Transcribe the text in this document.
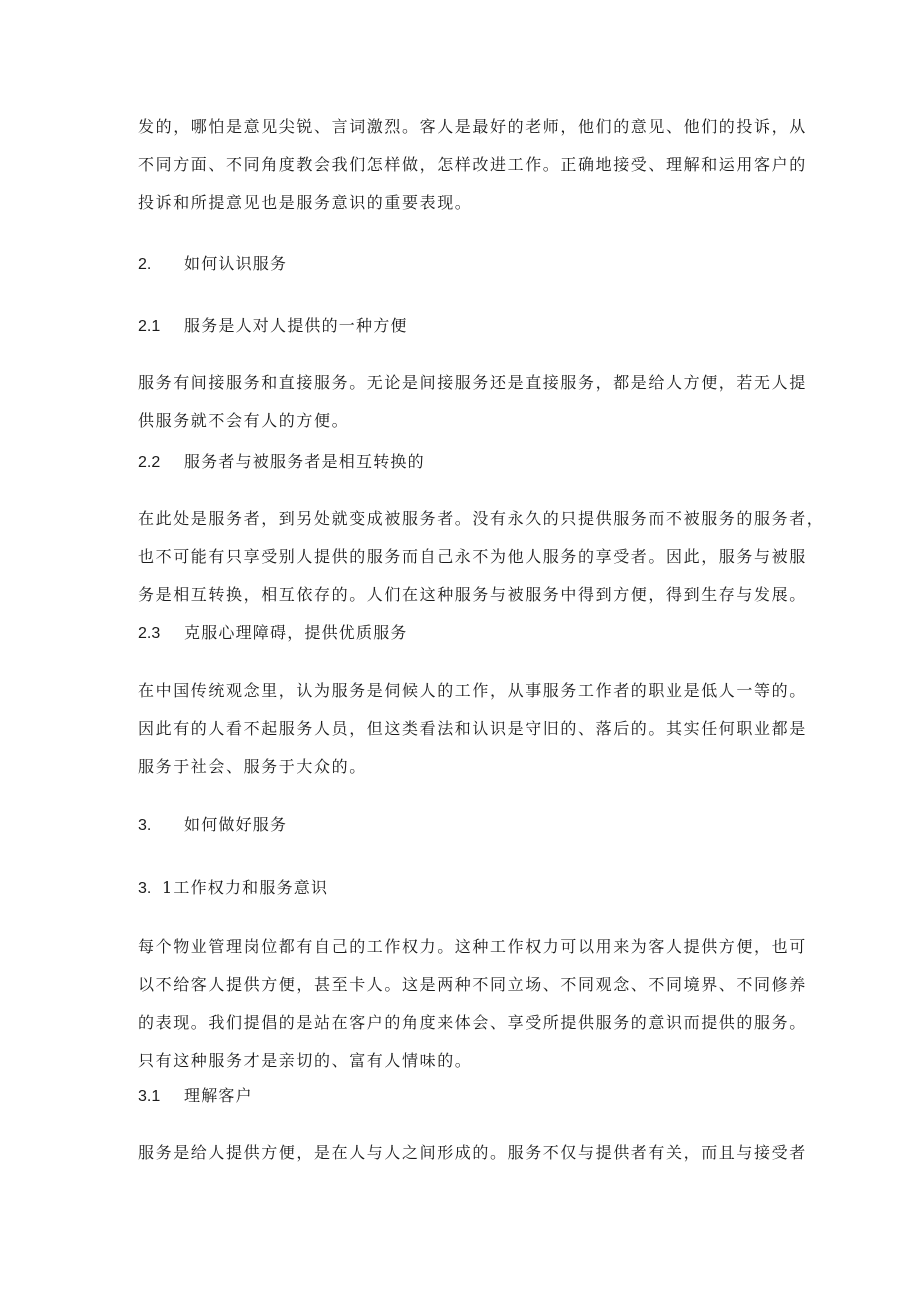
发的，哪怕是意见尖锐、言词激烈。客人是最好的老师，他们的意见、他们的投诉，从
不同方面、不同角度教会我们怎样做，怎样改进工作。正确地接受、理解和运用客户的
投诉和所提意见也是服务意识的重要表现。
2. 如何认识服务
2.1 服务是人对人提供的一种方便
服务有间接服务和直接服务。无论是间接服务还是直接服务，都是给人方便，若无人提
供服务就不会有人的方便。
2.2 服务者与被服务者是相互转换的
在此处是服务者，到另处就变成被服务者。没有永久的只提供服务而不被服务的服务者，
也不可能有只享受别人提供的服务而自己永不为他人服务的享受者。因此，服务与被服
务是相互转换，相互依存的。人们在这种服务与被服务中得到方便，得到生存与发展。
2.3 克服心理障碍，提供优质服务
在中国传统观念里，认为服务是伺候人的工作，从事服务工作者的职业是低人一等的。
因此有的人看不起服务人员，但这类看法和认识是守旧的、落后的。其实任何职业都是
服务于社会、服务于大众的。
3. 如何做好服务
3. 1工作权力和服务意识
每个物业管理岗位都有自己的工作权力。这种工作权力可以用来为客人提供方便，也可
以不给客人提供方便，甚至卡人。这是两种不同立场、不同观念、不同境界、不同修养
的表现。我们提倡的是站在客户的角度来体会、享受所提供服务的意识而提供的服务。
只有这种服务才是亲切的、富有人情味的。
3.1 理解客户
服务是给人提供方便，是在人与人之间形成的。服务不仅与提供者有关，而且与接受者
